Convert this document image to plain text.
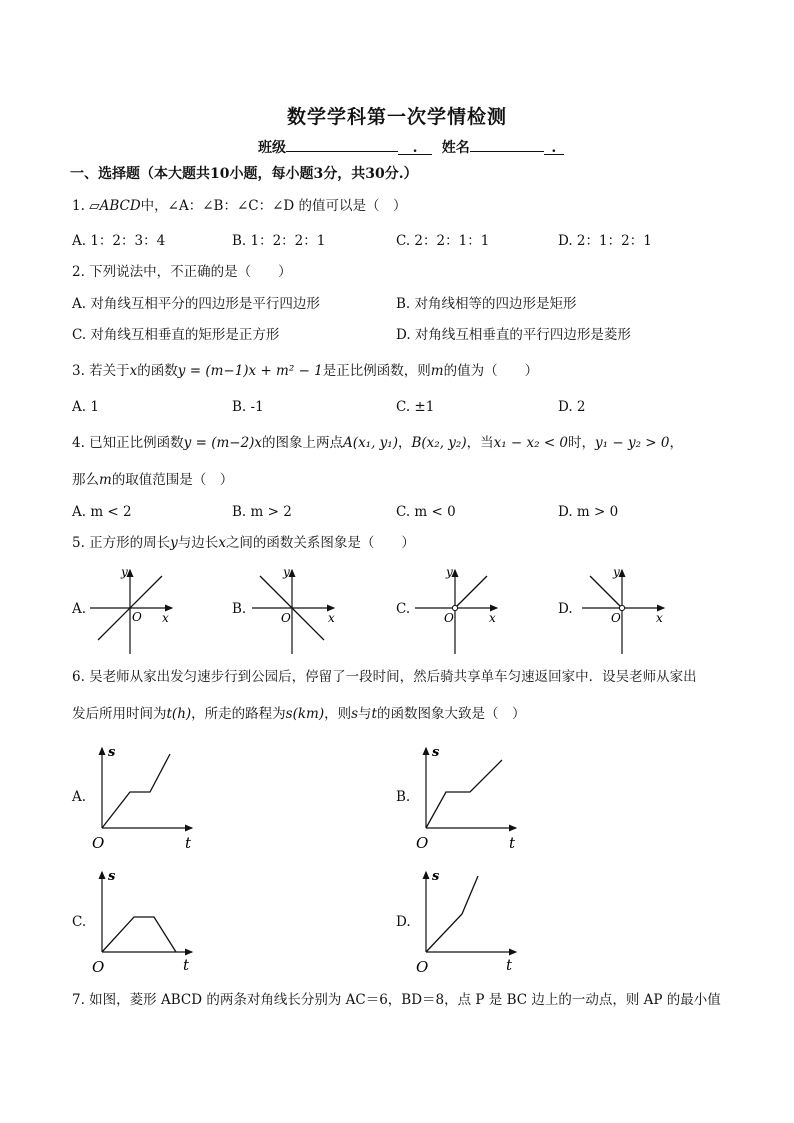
数学学科第一次学情检测
班级	. 姓名	.
一、选择题（本大题共10小题，每小题3分，共30分.）
1. ▱ABCD中，∠A：∠B：∠C：∠D 的值可以是（　）
A. 1：2：3：4	B. 1：2：2：1	C. 2：2：1：1	D. 2：1：2：1
2. 下列说法中，不正确的是（　　）
A. 对角线互相平分的四边形是平行四边形	B. 对角线相等的四边形是矩形
C. 对角线互相垂直的矩形是正方形	D. 对角线互相垂直的平行四边形是菱形
3. 若关于x的函数y = (m−1)x + m² − 1是正比例函数，则m的值为（　　）
A. 1	B. -1	C. ±1	D. 2
4. 已知正比例函数y = (m−2)x的图象上两点A(x₁, y₁)，B(x₂, y₂)，当x₁ − x₂ < 0时，y₁ − y₂ > 0，
那么m的取值范围是（　）
A. m < 2	B. m > 2	C. m < 0	D. m > 0
5. 正方形的周长y与边长x之间的函数关系图象是（　　）
A.
y
O x
B.
y
O	x
C.
y
O	x
D.
y
O	x
6. 吴老师从家出发匀速步行到公园后，停留了一段时间，然后骑共享单车匀速返回家中．设吴老师从家出
发后所用时间为t(h)，所走的路程为s(km)，则s与t的函数图象大致是（　）
A.
s
O	t
B.
s
O	t
C.
s
O	t
D.
s
O	t
7. 如图，菱形 ABCD 的两条对角线长分别为 AC＝6，BD＝8，点 P 是 BC 边上的一动点，则 AP 的最小值
